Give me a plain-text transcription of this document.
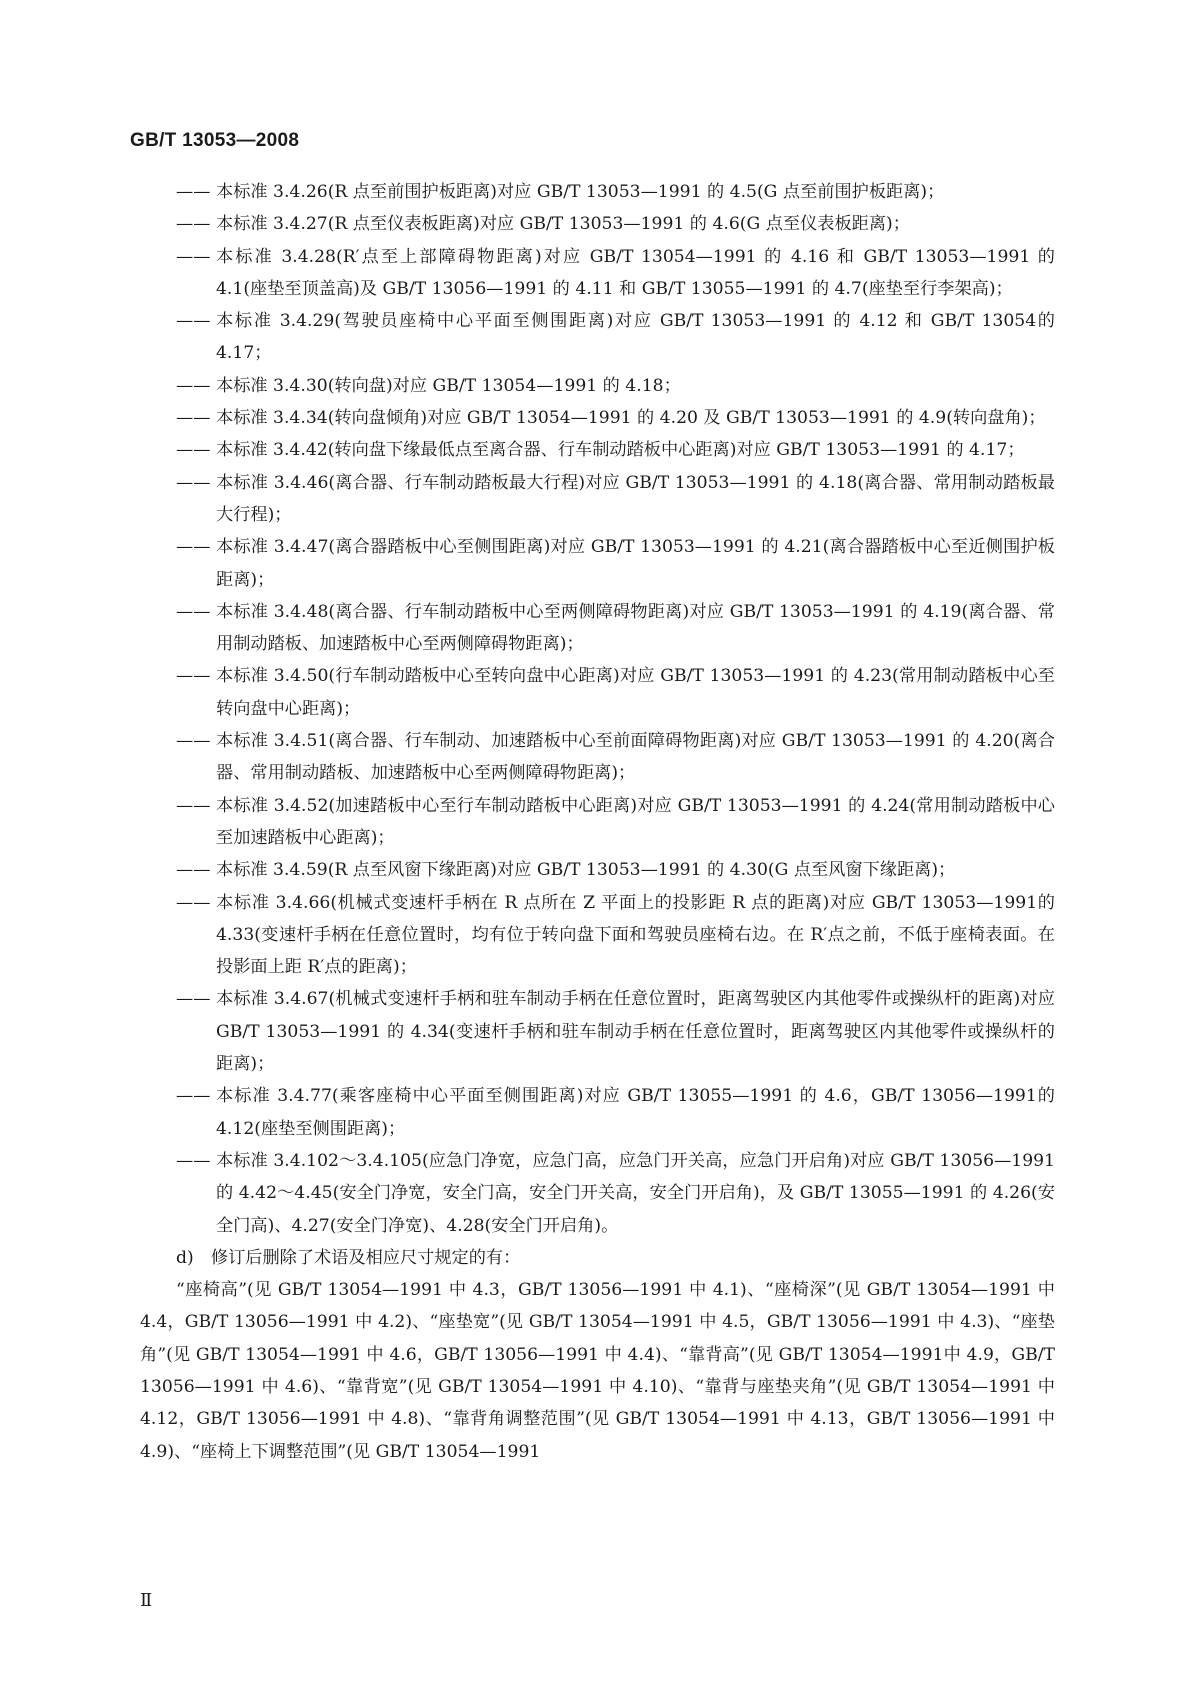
GB/T 13053—2008
—— 本标准 3.4.26(R 点至前围护板距离)对应 GB/T 13053—1991 的 4.5(G 点至前围护板距离)；
—— 本标准 3.4.27(R 点至仪表板距离)对应 GB/T 13053—1991 的 4.6(G 点至仪表板距离)；
—— 本标准 3.4.28(R′点至上部障碍物距离)对应 GB/T 13054—1991 的 4.16 和 GB/T 13053—1991 的 4.1(座垫至顶盖高)及 GB/T 13056—1991 的 4.11 和 GB/T 13055—1991 的 4.7(座垫至行李架高)；
—— 本标准 3.4.29(驾驶员座椅中心平面至侧围距离)对应 GB/T 13053—1991 的 4.12 和 GB/T 13054的 4.17；
—— 本标准 3.4.30(转向盘)对应 GB/T 13054—1991 的 4.18；
—— 本标准 3.4.34(转向盘倾角)对应 GB/T 13054—1991 的 4.20 及 GB/T 13053—1991 的 4.9(转向盘角)；
—— 本标准 3.4.42(转向盘下缘最低点至离合器、行车制动踏板中心距离)对应 GB/T 13053—1991 的 4.17；
—— 本标准 3.4.46(离合器、行车制动踏板最大行程)对应 GB/T 13053—1991 的 4.18(离合器、常用制动踏板最大行程)；
—— 本标准 3.4.47(离合器踏板中心至侧围距离)对应 GB/T 13053—1991 的 4.21(离合器踏板中心至近侧围护板距离)；
—— 本标准 3.4.48(离合器、行车制动踏板中心至两侧障碍物距离)对应 GB/T 13053—1991 的 4.19(离合器、常用制动踏板、加速踏板中心至两侧障碍物距离)；
—— 本标准 3.4.50(行车制动踏板中心至转向盘中心距离)对应 GB/T 13053—1991 的 4.23(常用制动踏板中心至转向盘中心距离)；
—— 本标准 3.4.51(离合器、行车制动、加速踏板中心至前面障碍物距离)对应 GB/T 13053—1991 的 4.20(离合器、常用制动踏板、加速踏板中心至两侧障碍物距离)；
—— 本标准 3.4.52(加速踏板中心至行车制动踏板中心距离)对应 GB/T 13053—1991 的 4.24(常用制动踏板中心至加速踏板中心距离)；
—— 本标准 3.4.59(R 点至风窗下缘距离)对应 GB/T 13053—1991 的 4.30(G 点至风窗下缘距离)；
—— 本标准 3.4.66(机械式变速杆手柄在 R 点所在 Z 平面上的投影距 R 点的距离)对应 GB/T 13053—1991的 4.33(变速杆手柄在任意位置时，均有位于转向盘下面和驾驶员座椅右边。在 R′点之前，不低于座椅表面。在投影面上距 R′点的距离)；
—— 本标准 3.4.67(机械式变速杆手柄和驻车制动手柄在任意位置时，距离驾驶区内其他零件或操纵杆的距离)对应 GB/T 13053—1991 的 4.34(变速杆手柄和驻车制动手柄在任意位置时，距离驾驶区内其他零件或操纵杆的距离)；
—— 本标准 3.4.77(乘客座椅中心平面至侧围距离)对应 GB/T 13055—1991 的 4.6，GB/T 13056—1991的 4.12(座垫至侧围距离)；
—— 本标准 3.4.102～3.4.105(应急门净宽，应急门高，应急门开关高，应急门开启角)对应 GB/T 13056—1991的 4.42～4.45(安全门净宽，安全门高，安全门开关高，安全门开启角)，及 GB/T 13055—1991 的 4.26(安全门高)、4.27(安全门净宽)、4.28(安全门开启角)。

d)　修订后删除了术语及相应尺寸规定的有：

“座椅高”(见 GB/T 13054—1991 中 4.3，GB/T 13056—1991 中 4.1)、“座椅深”(见 GB/T 13054—1991 中 4.4，GB/T 13056—1991 中 4.2)、“座垫宽”(见 GB/T 13054—1991 中 4.5，GB/T 13056—1991 中 4.3)、“座垫角”(见 GB/T 13054—1991 中 4.6，GB/T 13056—1991 中 4.4)、“靠背高”(见 GB/T 13054—1991中 4.9，GB/T 13056—1991 中 4.6)、“靠背宽”(见 GB/T 13054—1991 中 4.10)、“靠背与座垫夹角”(见 GB/T 13054—1991 中 4.12，GB/T 13056—1991 中 4.8)、“靠背角调整范围”(见 GB/T 13054—1991 中 4.13，GB/T 13056—1991 中 4.9)、“座椅上下调整范围”(见 GB/T 13054—1991

Ⅱ
